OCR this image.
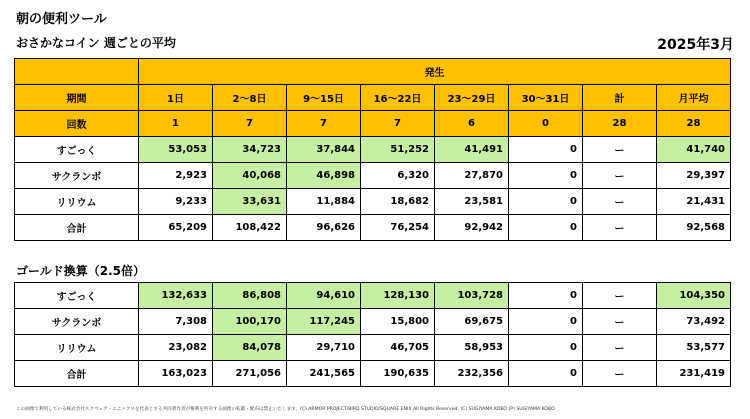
朝の便利ツール
おさかなコイン 週ごとの平均	2025年3月
	発生							
期間	1日	2〜8日	9〜15日	16〜22日	23〜29日	30〜31日	計	月平均
回数	1	7	7	7	6	0	28	28
すごっく	53,053	34,723	37,844	51,252	41,491	0	ー	41,740
サクランボ	2,923	40,068	46,898	6,320	27,870	0	ー	29,397
リリウム	9,233	33,631	11,884	18,682	23,581	0	ー	21,431
合計	65,209	108,422	96,626	76,254	92,942	0	ー	92,568
ゴールド換算（2.5倍）
すごっく	132,633	86,808	94,610	128,130	103,728	0	ー	104,350
サクランボ	7,308	100,170	117,245	15,800	69,675	0	ー	73,492
リリウム	23,082	84,078	29,710	46,705	58,953	0	ー	53,577
合計	163,023	271,056	241,565	190,635	232,356	0	ー	231,419
この画像で利用している株式会社スクウェア・エニックスを代表とする共同著作者が権利を所有する画像の転載・配布は禁止いたします。(C) ARMOR PROJECT/BIRD STUDIO/SQUARE ENIX All Rights Reserved. (C) SUGIYAMA KOBO (P) SUGIYAMA KOBO
